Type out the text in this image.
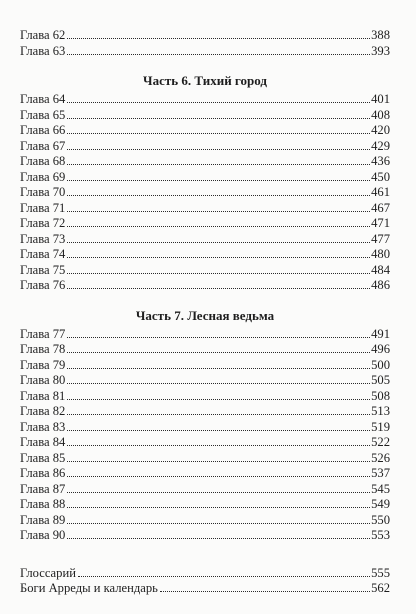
Глава 62	388
Глава 63	393
Часть 6. Тихий город
Глава 64	401
Глава 65	408
Глава 66	420
Глава 67	429
Глава 68	436
Глава 69	450
Глава 70	461
Глава 71	467
Глава 72	471
Глава 73	477
Глава 74	480
Глава 75	484
Глава 76	486
Часть 7. Лесная ведьма
Глава 77	491
Глава 78	496
Глава 79	500
Глава 80	505
Глава 81	508
Глава 82	513
Глава 83	519
Глава 84	522
Глава 85	526
Глава 86	537
Глава 87	545
Глава 88	549
Глава 89	550
Глава 90	553
Глоссарий	555
Боги Арреды и календарь	562
